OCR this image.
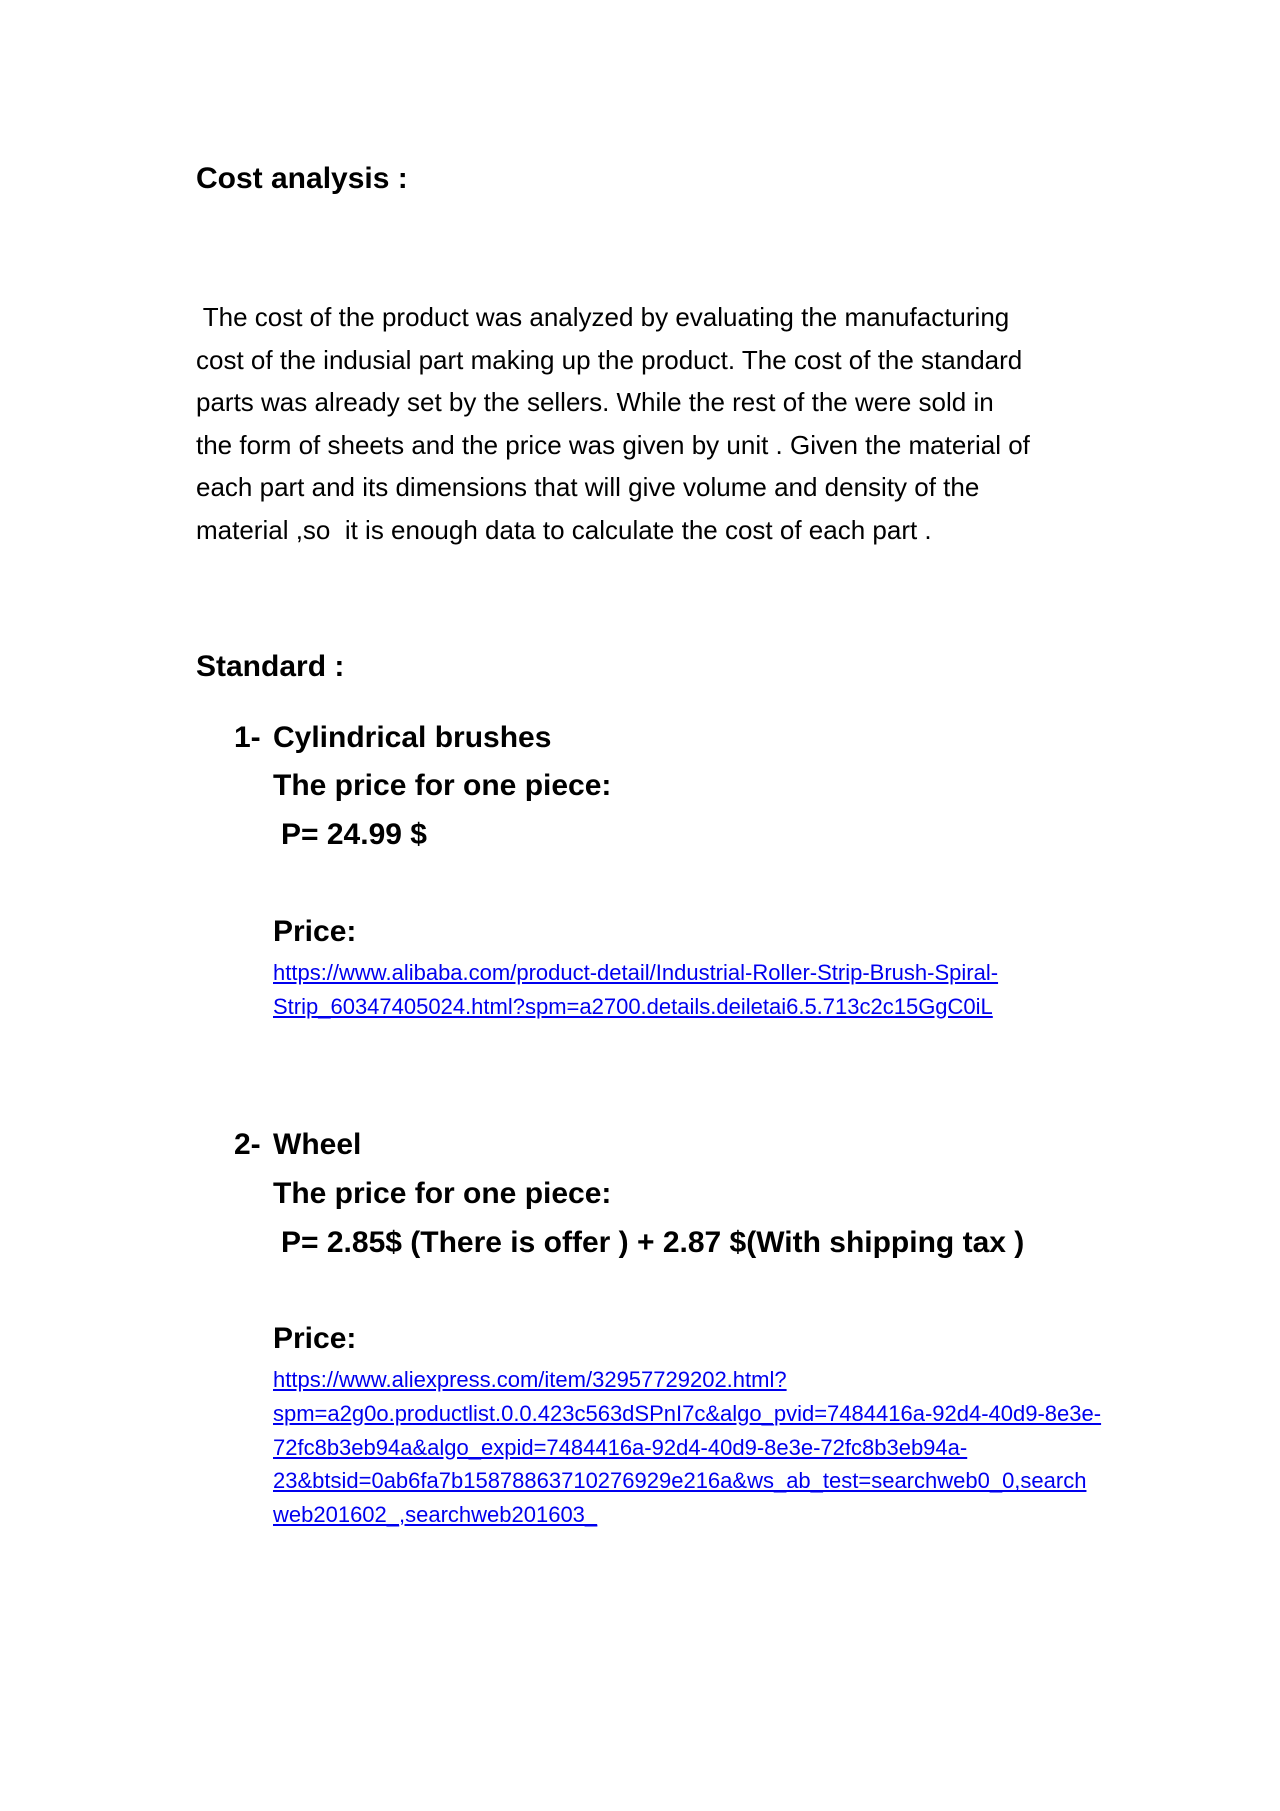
Cost analysis :
The cost of the product was analyzed by evaluating the manufacturing
cost of the indusial part making up the product. The cost of the standard
parts was already set by the sellers. While the rest of the were sold in
the form of sheets and the price was given by unit . Given the material of
each part and its dimensions that will give volume and density of the
material ,so  it is enough data to calculate the cost of each part .
Standard :
1- Cylindrical brushes
The price for one piece:
P= 24.99 $
Price:
https://www.alibaba.com/product-detail/Industrial-Roller-Strip-Brush-Spiral-
Strip_60347405024.html?spm=a2700.details.deiletai6.5.713c2c15GgC0iL
2- Wheel
The price for one piece:
P= 2.85$ (There is offer ) + 2.87 $(With shipping tax )
Price:
https://www.aliexpress.com/item/32957729202.html?
spm=a2g0o.productlist.0.0.423c563dSPnI7c&algo_pvid=7484416a-92d4-40d9-8e3e-
72fc8b3eb94a&algo_expid=7484416a-92d4-40d9-8e3e-72fc8b3eb94a-
23&btsid=0ab6fa7b15878863710276929e216a&ws_ab_test=searchweb0_0,search
web201602_,searchweb201603_
